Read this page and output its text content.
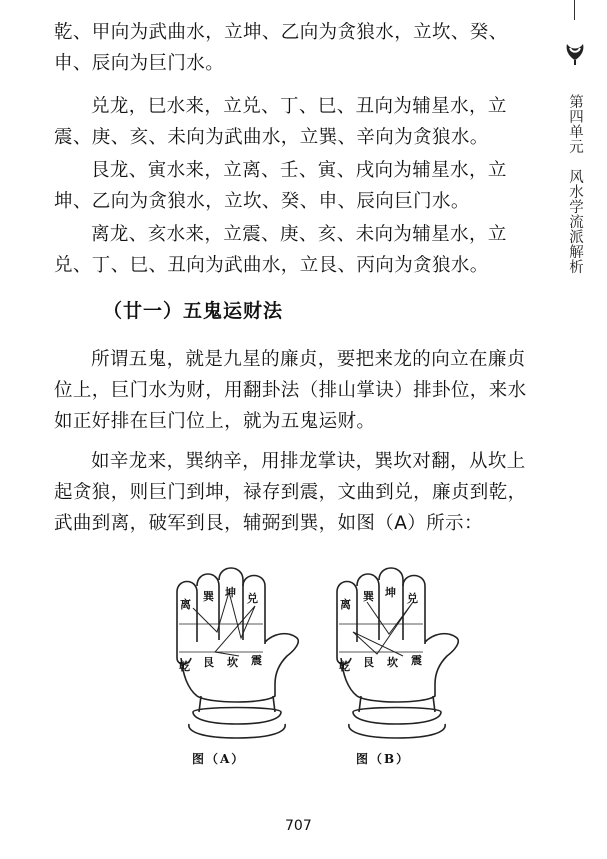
第四单元　风水学流派解析

乾、甲向为武曲水，立坤、乙向为贪狼水，立坎、癸、申、辰向为巨门水。

兑龙，巳水来，立兑、丁、巳、丑向为辅星水，立震、庚、亥、未向为武曲水，立巽、辛向为贪狼水。

艮龙、寅水来，立离、壬、寅、戌向为辅星水，立坤、乙向为贪狼水，立坎、癸、申、辰向巨门水。

离龙、亥水来，立震、庚、亥、未向为辅星水，立兑、丁、巳、丑向为武曲水，立艮、丙向为贪狼水。

（廿一）五鬼运财法

所谓五鬼，就是九星的廉贞，要把来龙的向立在廉贞位上，巨门水为财，用翻卦法（排山掌诀）排卦位，来水如正好排在巨门位上，就为五鬼运财。

如辛龙来，巽纳辛，用排龙掌诀，巽坎对翻，从坎上起贪狼，则巨门到坤，禄存到震，文曲到兑，廉贞到乾，武曲到离，破军到艮，辅弼到巽，如图（A）所示：

离
巽 坤 兑
乾 艮 坎 震
图（A）
离
巽 坤 兑
乾 艮 坎 震
图（B）
707
